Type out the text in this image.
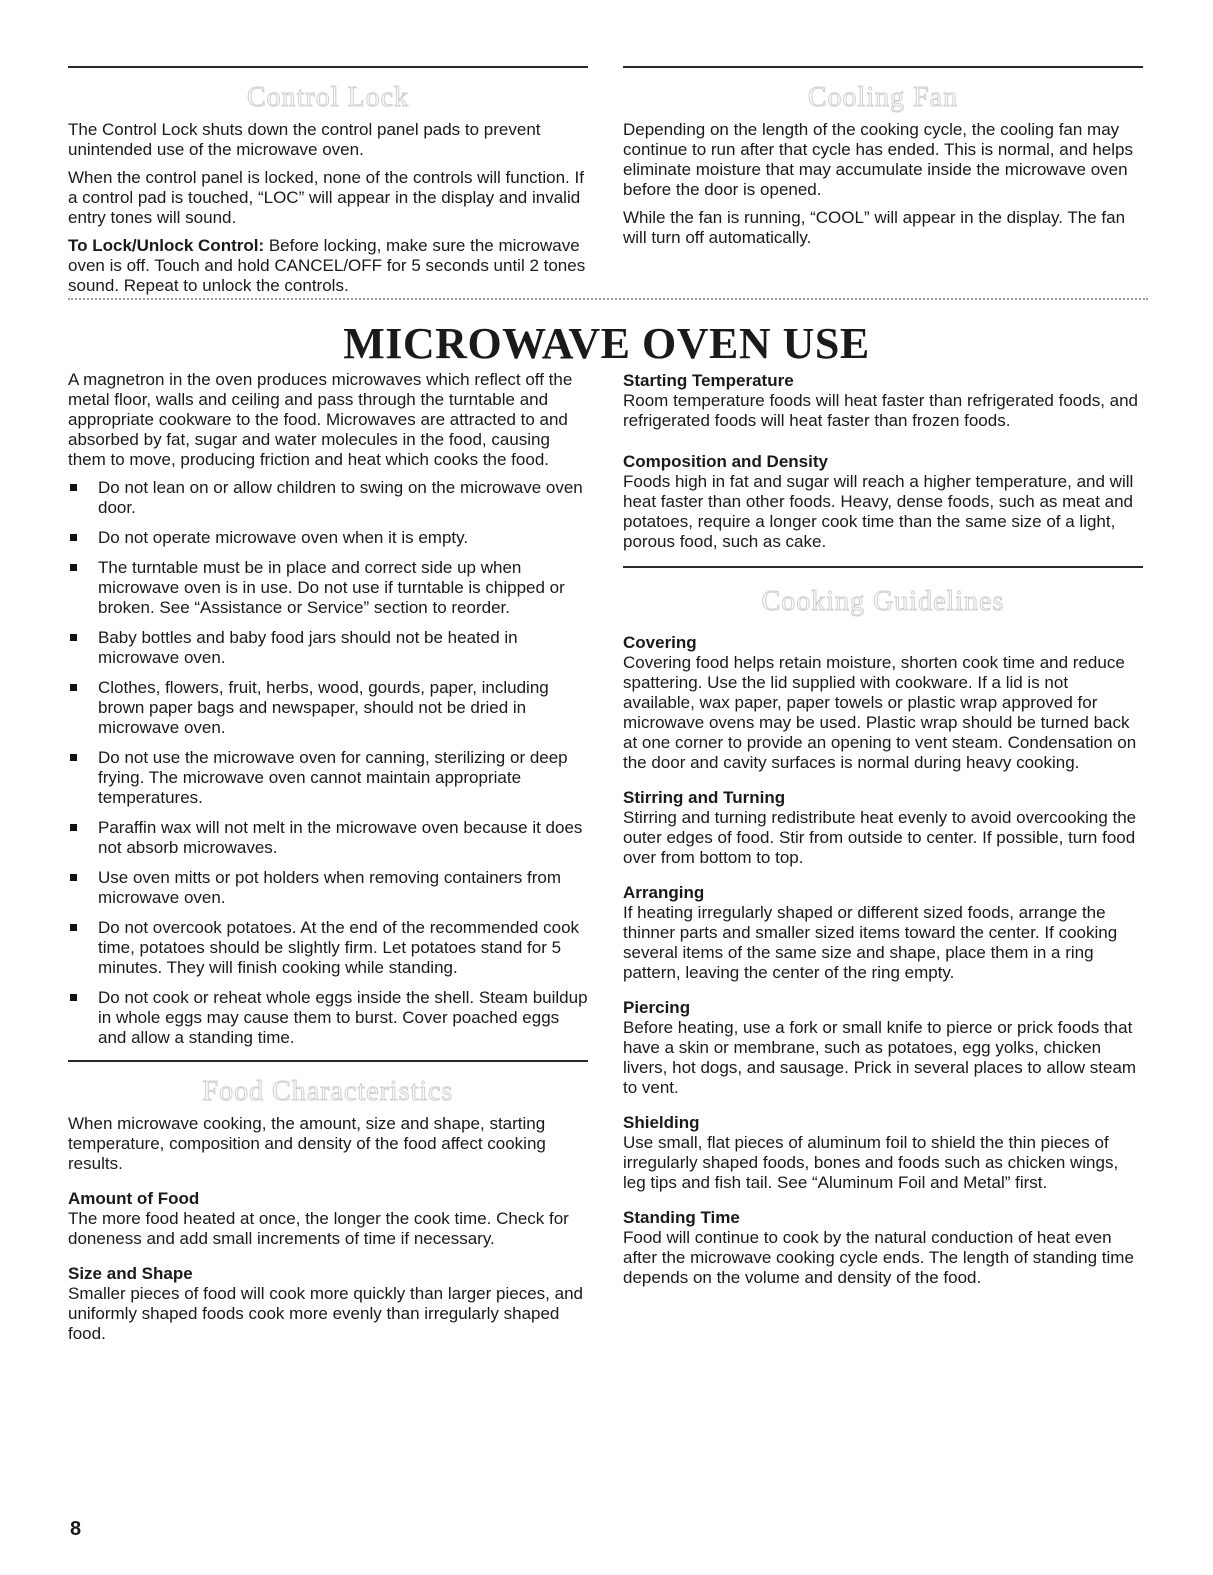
Control Lock

The Control Lock shuts down the control panel pads to prevent unintended use of the microwave oven.

When the control panel is locked, none of the controls will function. If a control pad is touched, “LOC” will appear in the display and invalid entry tones will sound.

To Lock/Unlock Control: Before locking, make sure the microwave oven is off. Touch and hold CANCEL/OFF for 5 seconds until 2 tones sound. Repeat to unlock the controls.

Cooling Fan

Depending on the length of the cooking cycle, the cooling fan may continue to run after that cycle has ended. This is normal, and helps eliminate moisture that may accumulate inside the microwave oven before the door is opened.

While the fan is running, “COOL” will appear in the display. The fan will turn off automatically.

MICROWAVE OVEN USE

A magnetron in the oven produces microwaves which reflect off the metal floor, walls and ceiling and pass through the turntable and appropriate cookware to the food. Microwaves are attracted to and absorbed by fat, sugar and water molecules in the food, causing them to move, producing friction and heat which cooks the food.

Do not lean on or allow children to swing on the microwave oven door.
Do not operate microwave oven when it is empty.
The turntable must be in place and correct side up when microwave oven is in use. Do not use if turntable is chipped or broken. See “Assistance or Service” section to reorder.
Baby bottles and baby food jars should not be heated in microwave oven.
Clothes, flowers, fruit, herbs, wood, gourds, paper, including brown paper bags and newspaper, should not be dried in microwave oven.
Do not use the microwave oven for canning, sterilizing or deep frying. The microwave oven cannot maintain appropriate temperatures.
Paraffin wax will not melt in the microwave oven because it does not absorb microwaves.
Use oven mitts or pot holders when removing containers from microwave oven.
Do not overcook potatoes. At the end of the recommended cook time, potatoes should be slightly firm. Let potatoes stand for 5 minutes. They will finish cooking while standing.
Do not cook or reheat whole eggs inside the shell. Steam buildup in whole eggs may cause them to burst. Cover poached eggs and allow a standing time.
Food Characteristics

When microwave cooking, the amount, size and shape, starting temperature, composition and density of the food affect cooking results.

Amount of Food

The more food heated at once, the longer the cook time. Check for doneness and add small increments of time if necessary.

Size and Shape

Smaller pieces of food will cook more quickly than larger pieces, and uniformly shaped foods cook more evenly than irregularly shaped food.

Starting Temperature

Room temperature foods will heat faster than refrigerated foods, and refrigerated foods will heat faster than frozen foods.

Composition and Density

Foods high in fat and sugar will reach a higher temperature, and will heat faster than other foods. Heavy, dense foods, such as meat and potatoes, require a longer cook time than the same size of a light, porous food, such as cake.

Cooking Guidelines

Covering

Covering food helps retain moisture, shorten cook time and reduce spattering. Use the lid supplied with cookware. If a lid is not available, wax paper, paper towels or plastic wrap approved for microwave ovens may be used. Plastic wrap should be turned back at one corner to provide an opening to vent steam. Condensation on the door and cavity surfaces is normal during heavy cooking.

Stirring and Turning

Stirring and turning redistribute heat evenly to avoid overcooking the outer edges of food. Stir from outside to center. If possible, turn food over from bottom to top.

Arranging

If heating irregularly shaped or different sized foods, arrange the thinner parts and smaller sized items toward the center. If cooking several items of the same size and shape, place them in a ring pattern, leaving the center of the ring empty.

Piercing

Before heating, use a fork or small knife to pierce or prick foods that have a skin or membrane, such as potatoes, egg yolks, chicken livers, hot dogs, and sausage. Prick in several places to allow steam to vent.

Shielding

Use small, flat pieces of aluminum foil to shield the thin pieces of irregularly shaped foods, bones and foods such as chicken wings, leg tips and fish tail. See “Aluminum Foil and Metal” first.

Standing Time

Food will continue to cook by the natural conduction of heat even after the microwave cooking cycle ends. The length of standing time depends on the volume and density of the food.

8
